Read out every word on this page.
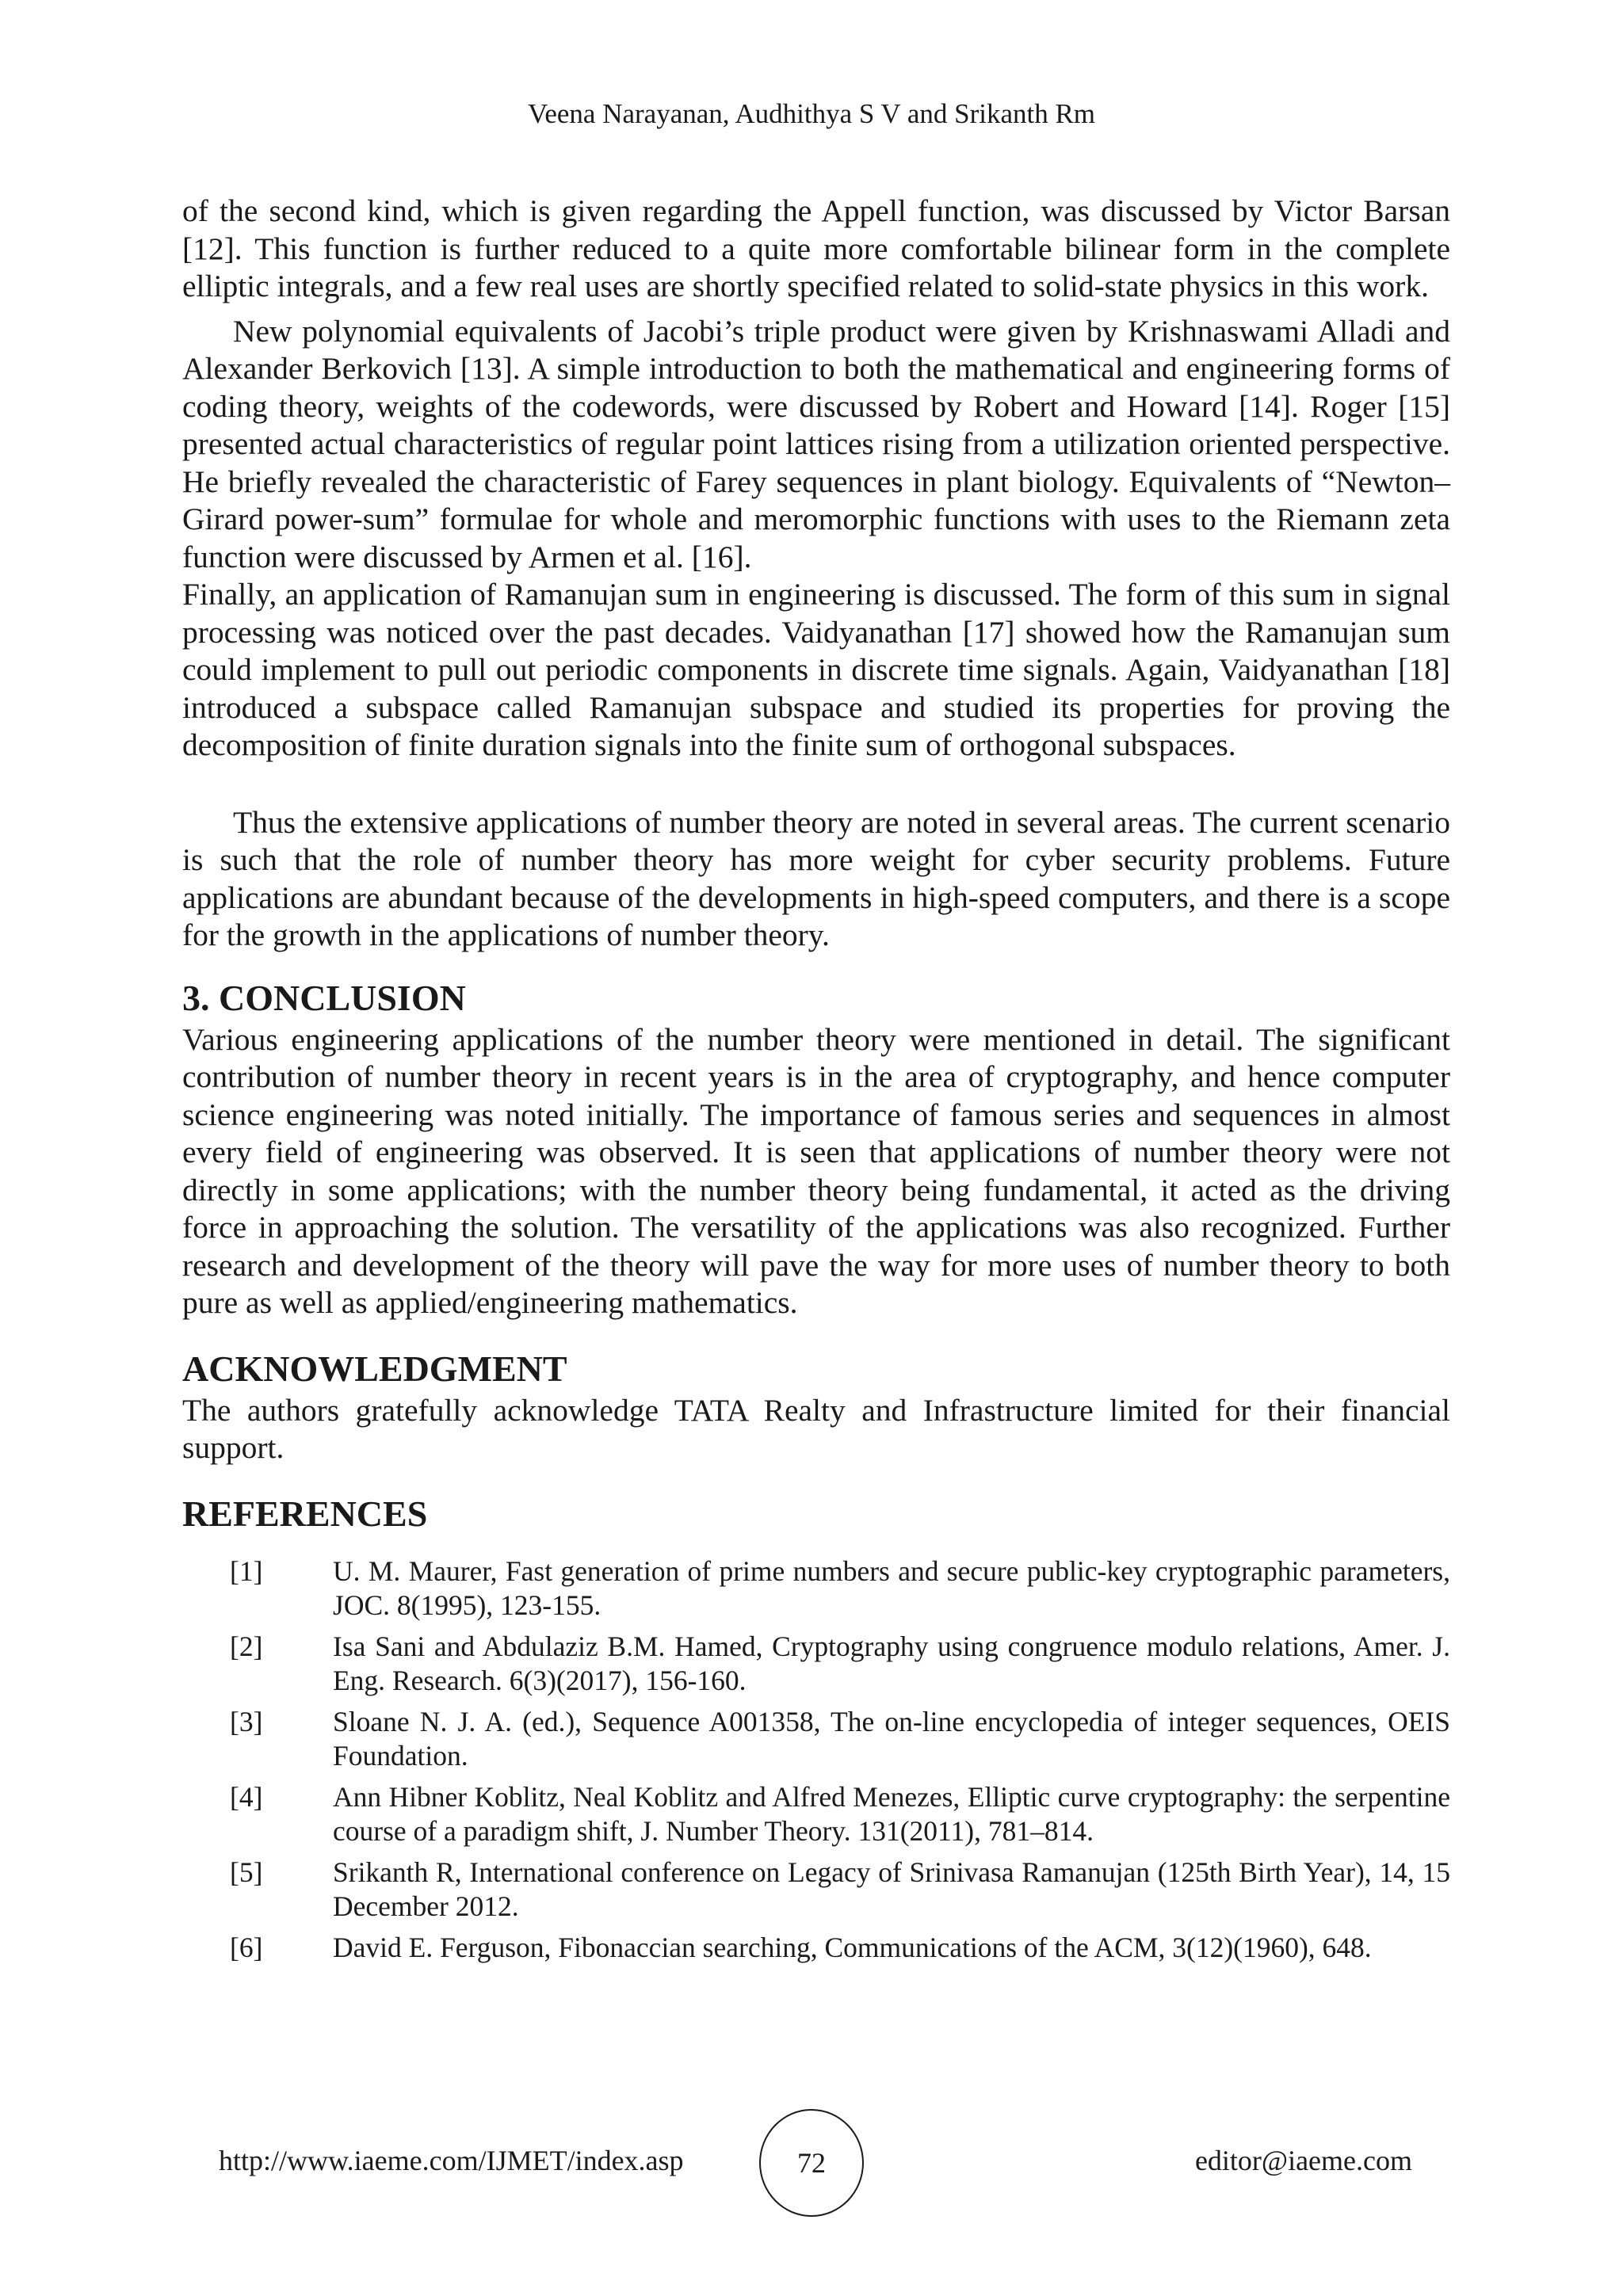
Veena Narayanan, Audhithya S V and Srikanth Rm

of the second kind, which is given regarding the Appell function, was discussed by Victor Barsan [12]. This function is further reduced to a quite more comfortable bilinear form in the complete elliptic integrals, and a few real uses are shortly specified related to solid-state physics in this work.

New polynomial equivalents of Jacobi’s triple product were given by Krishnaswami Alladi and Alexander Berkovich [13]. A simple introduction to both the mathematical and engineering forms of coding theory, weights of the codewords, were discussed by Robert and Howard [14]. Roger [15] presented actual characteristics of regular point lattices rising from a utilization oriented perspective. He briefly revealed the characteristic of Farey sequences in plant biology. Equivalents of “Newton–Girard power-sum” formulae for whole and meromorphic functions with uses to the Riemann zeta function were discussed by Armen et al. [16].

Finally, an application of Ramanujan sum in engineering is discussed. The form of this sum in signal processing was noticed over the past decades. Vaidyanathan [17] showed how the Ramanujan sum could implement to pull out periodic components in discrete time signals. Again, Vaidyanathan [18] introduced a subspace called Ramanujan subspace and studied its properties for proving the decomposition of finite duration signals into the finite sum of orthogonal subspaces.

Thus the extensive applications of number theory are noted in several areas. The current scenario is such that the role of number theory has more weight for cyber security problems. Future applications are abundant because of the developments in high-speed computers, and there is a scope for the growth in the applications of number theory.

3. CONCLUSION

Various engineering applications of the number theory were mentioned in detail. The significant contribution of number theory in recent years is in the area of cryptography, and hence computer science engineering was noted initially. The importance of famous series and sequences in almost every field of engineering was observed. It is seen that applications of number theory were not directly in some applications; with the number theory being fundamental, it acted as the driving force in approaching the solution. The versatility of the applications was also recognized. Further research and development of the theory will pave the way for more uses of number theory to both pure as well as applied/engineering mathematics.

ACKNOWLEDGMENT

The authors gratefully acknowledge TATA Realty and Infrastructure limited for their financial support.

REFERENCES
[1]	U. M. Maurer, Fast generation of prime numbers and secure public-key cryptographic parameters, JOC. 8(1995), 123-155.
[2]	Isa Sani and Abdulaziz B.M. Hamed, Cryptography using congruence modulo relations, Amer. J. Eng. Research. 6(3)(2017), 156-160.
[3]	Sloane N. J. A. (ed.), Sequence A001358, The on-line encyclopedia of integer sequences, OEIS Foundation.
[4]	Ann Hibner Koblitz, Neal Koblitz and Alfred Menezes, Elliptic curve cryptography: the serpentine course of a paradigm shift, J. Number Theory. 131(2011), 781–814.
[5]	Srikanth R, International conference on Legacy of Srinivasa Ramanujan (125th Birth Year), 14, 15 December 2012.
[6]	David E. Ferguson, Fibonaccian searching, Communications of the ACM, 3(12)(1960), 648.
http://www.iaeme.com/IJMET/index.asp	72	editor@iaeme.com
